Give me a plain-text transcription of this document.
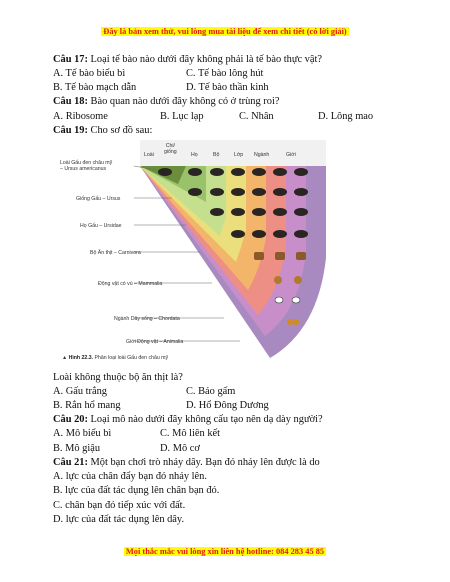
Đây là bản xem thử, vui lòng mua tài liệu để xem chi tiết (có lời giải)
Câu 17: Loại tế bào nào dưới đây không phải là tế bào thực vật?
A. Tế bào biểu bì	C. Tế bào lông hút
B. Tế bào mạch dẫn	D. Tế bào thần kinh
Câu 18: Bào quan nào dưới đây không có ở trùng roi?
A. Ribosome	B. Lục lạp	C. Nhân	D. Lông mao
Câu 19: Cho sơ đồ sau:
Loài
Chi/
giống	Họ	Bộ	Lớp Ngành	Giới
Loài Gấu đen châu mỹ
– Ursus americanus
Giống Gấu – Ursus
Họ Gấu – Ursidae
Bộ Ăn thịt – Carnivora
Động vật có vú – Mammalia
Ngành Dây sống – Chordata
Giới Động vật – Animalia
▲ Hình 22.3. Phân loại loài Gấu đen châu mỹ
Loài không thuộc bộ ăn thịt là?
A. Gấu trắng	C. Báo gấm
B. Rắn hổ mang	D. Hổ Đông Dương
Câu 20: Loại mô nào dưới đây không cấu tạo nên dạ dày người?
A. Mô biểu bì	C. Mô liên kết
B. Mô giậu	D. Mô cơ
Câu 21: Một bạn chơi trò nhảy dây. Bạn đó nhảy lên được là do
A. lực của chân đẩy bạn đó nhảy lên.
B. lực của đất tác dụng lên chân bạn đó.
C. chân bạn đó tiếp xúc với đất.
D. lực của đất tác dụng lên dây.
Mọi thắc mắc vui lòng xin liên hệ hotline: 084 283 45 85
